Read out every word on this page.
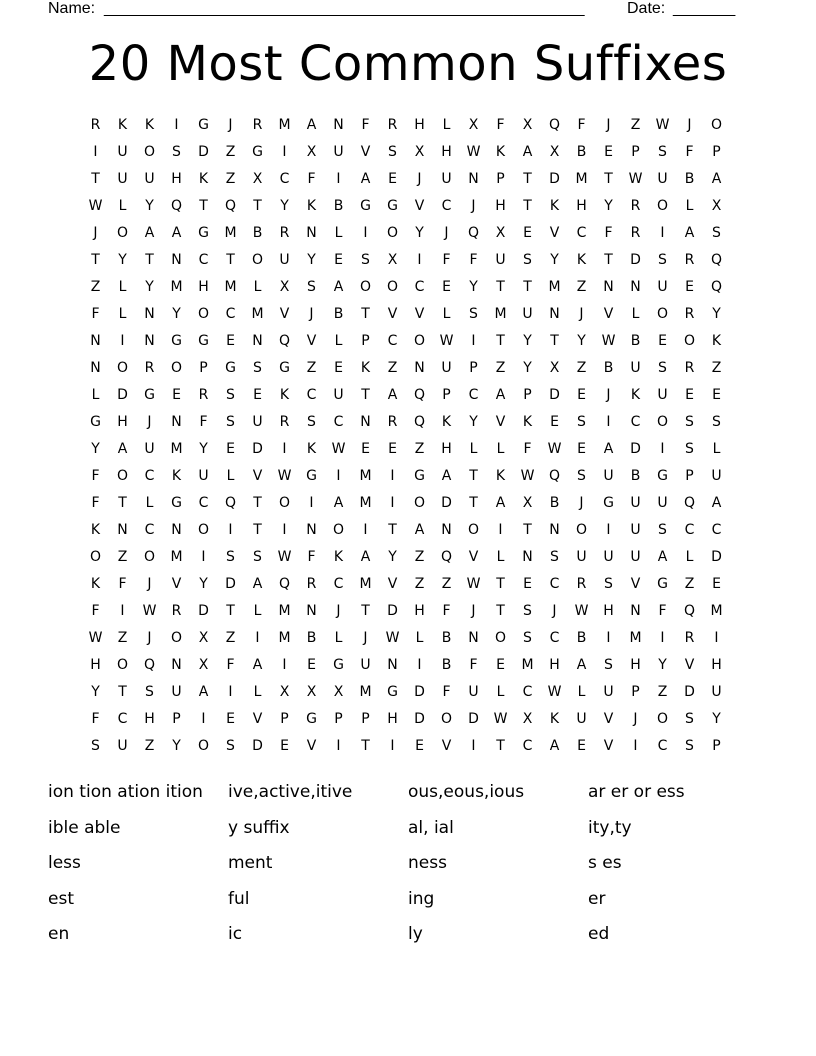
Name: ______________________________________________________	Date: _______
20 Most Common Suffixes
R	K	K	I	G	J	R	M	A	N	F	R	H	L	X	F	X	Q	F	J	Z	W	J	O
I	U	O	S	D	Z	G	I	X	U	V	S	X	H	W	K	A	X	B	E	P	S	F	P
T	U	U	H	K	Z	X	C	F	I	A	E	J	U	N	P	T	D	M	T	W	U	B	A
W	L	Y	Q	T	Q	T	Y	K	B	G	G	V	C	J	H	T	K	H	Y	R	O	L	X
J	O	A	A	G	M	B	R	N	L	I	O	Y	J	Q	X	E	V	C	F	R	I	A	S
T	Y	T	N	C	T	O	U	Y	E	S	X	I	F	F	U	S	Y	K	T	D	S	R	Q
Z	L	Y	M	H	M	L	X	S	A	O	O	C	E	Y	T	T	M	Z	N	N	U	E	Q
F	L	N	Y	O	C	M	V	J	B	T	V	V	L	S	M	U	N	J	V	L	O	R	Y
N	I	N	G	G	E	N	Q	V	L	P	C	O	W	I	T	Y	T	Y	W	B	E	O	K
N	O	R	O	P	G	S	G	Z	E	K	Z	N	U	P	Z	Y	X	Z	B	U	S	R	Z
L	D	G	E	R	S	E	K	C	U	T	A	Q	P	C	A	P	D	E	J	K	U	E	E
G	H	J	N	F	S	U	R	S	C	N	R	Q	K	Y	V	K	E	S	I	C	O	S	S
Y	A	U	M	Y	E	D	I	K	W	E	E	Z	H	L	L	F	W	E	A	D	I	S	L
F	O	C	K	U	L	V	W	G	I	M	I	G	A	T	K	W	Q	S	U	B	G	P	U
F	T	L	G	C	Q	T	O	I	A	M	I	O	D	T	A	X	B	J	G	U	U	Q	A
K	N	C	N	O	I	T	I	N	O	I	T	A	N	O	I	T	N	O	I	U	S	C	C
O	Z	O	M	I	S	S	W	F	K	A	Y	Z	Q	V	L	N	S	U	U	U	A	L	D
K	F	J	V	Y	D	A	Q	R	C	M	V	Z	Z	W	T	E	C	R	S	V	G	Z	E
F	I	W	R	D	T	L	M	N	J	T	D	H	F	J	T	S	J	W	H	N	F	Q	M
W	Z	J	O	X	Z	I	M	B	L	J	W	L	B	N	O	S	C	B	I	M	I	R	I
H	O	Q	N	X	F	A	I	E	G	U	N	I	B	F	E	M	H	A	S	H	Y	V	H
Y	T	S	U	A	I	L	X	X	X	M	G	D	F	U	L	C	W	L	U	P	Z	D	U
F	C	H	P	I	E	V	P	G	P	P	H	D	O	D	W	X	K	U	V	J	O	S	Y
S	U	Z	Y	O	S	D	E	V	I	T	I	E	V	I	T	C	A	E	V	I	C	S	P
ion tion ation ition	ive,active,itive	ous,eous,ious	ar er or ess
ible able	y suffix	al, ial	ity,ty
less	ment	ness	s es
est	ful	ing	er
en	ic	ly	ed
